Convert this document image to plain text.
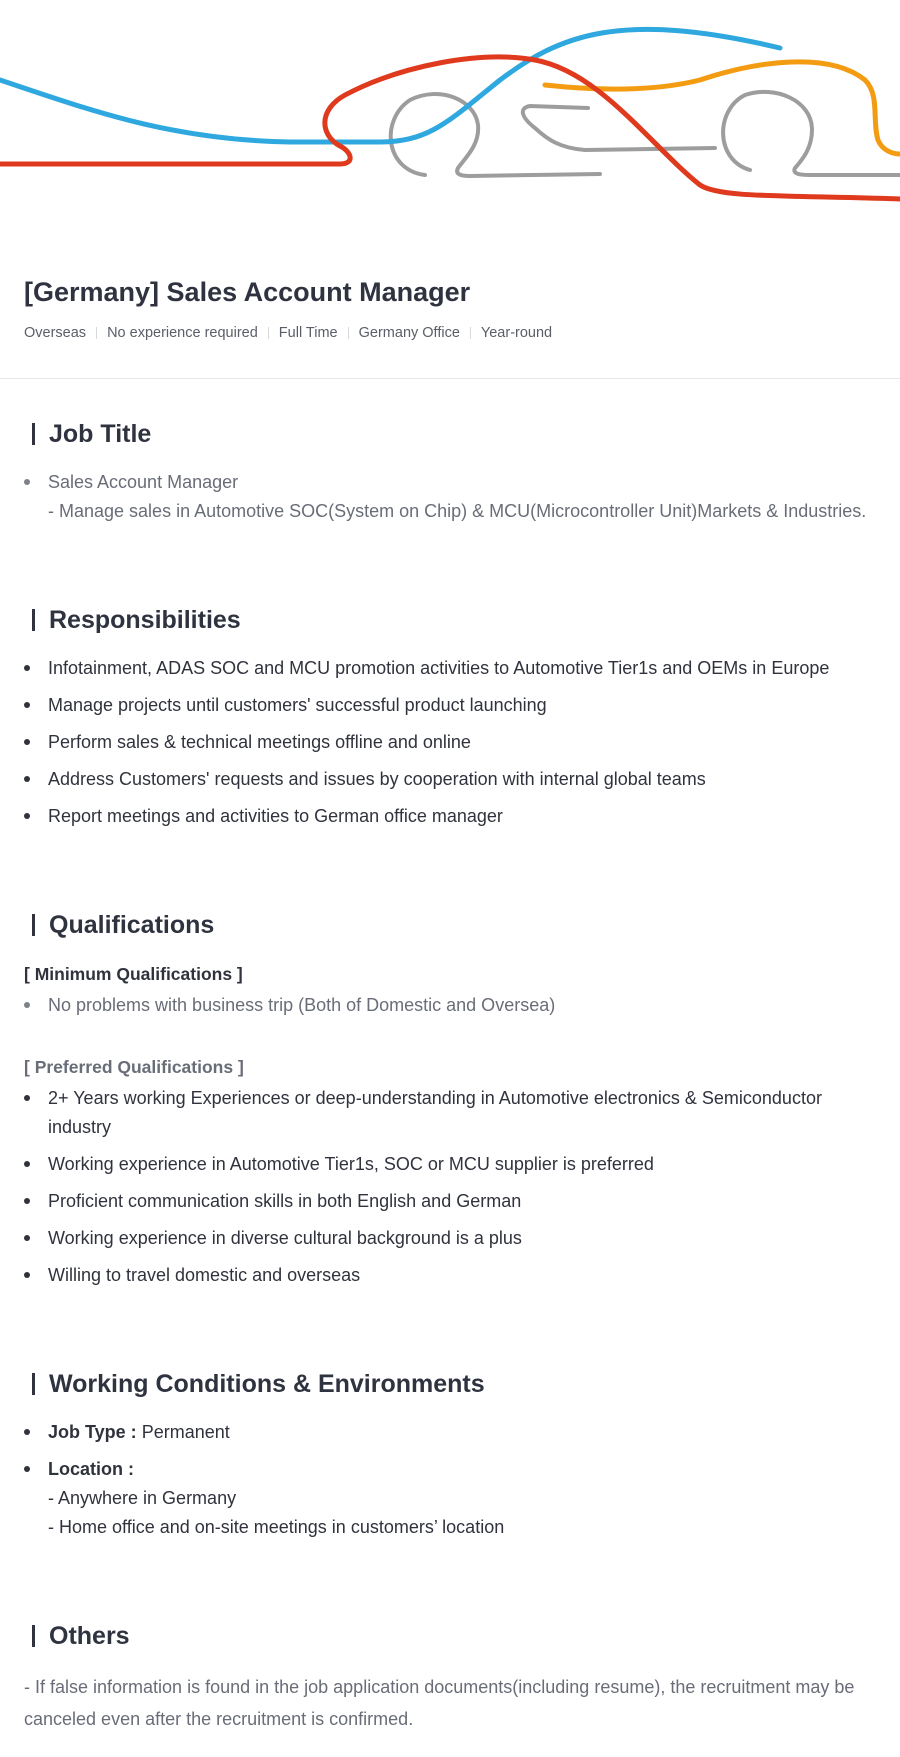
[Germany] Sales Account Manager
Overseas No experience required Full Time Germany Office Year-round
Job Title
Sales Account Manager
- Manage sales in Automotive SOC(System on Chip) & MCU(Microcontroller Unit)Markets & Industries.
Responsibilities
Infotainment, ADAS SOC and MCU promotion activities to Automotive Tier1s and OEMs in Europe
Manage projects until customers' successful product launching
Perform sales & technical meetings offline and online
Address Customers' requests and issues by cooperation with internal global teams
Report meetings and activities to German office manager
Qualifications
[ Minimum Qualifications ]
No problems with business trip (Both of Domestic and Oversea)
[ Preferred Qualifications ]
2+ Years working Experiences or deep-understanding in Automotive electronics & Semiconductor
industry
Working experience in Automotive Tier1s, SOC or MCU supplier is preferred
Proficient communication skills in both English and German
Working experience in diverse cultural background is a plus
Willing to travel domestic and overseas
Working Conditions & Environments
Job Type : Permanent
Location :
- Anywhere in Germany
- Home office and on-site meetings in customers’ location
Others
- If false information is found in the job application documents(including resume), the recruitment may be
canceled even after the recruitment is confirmed.
